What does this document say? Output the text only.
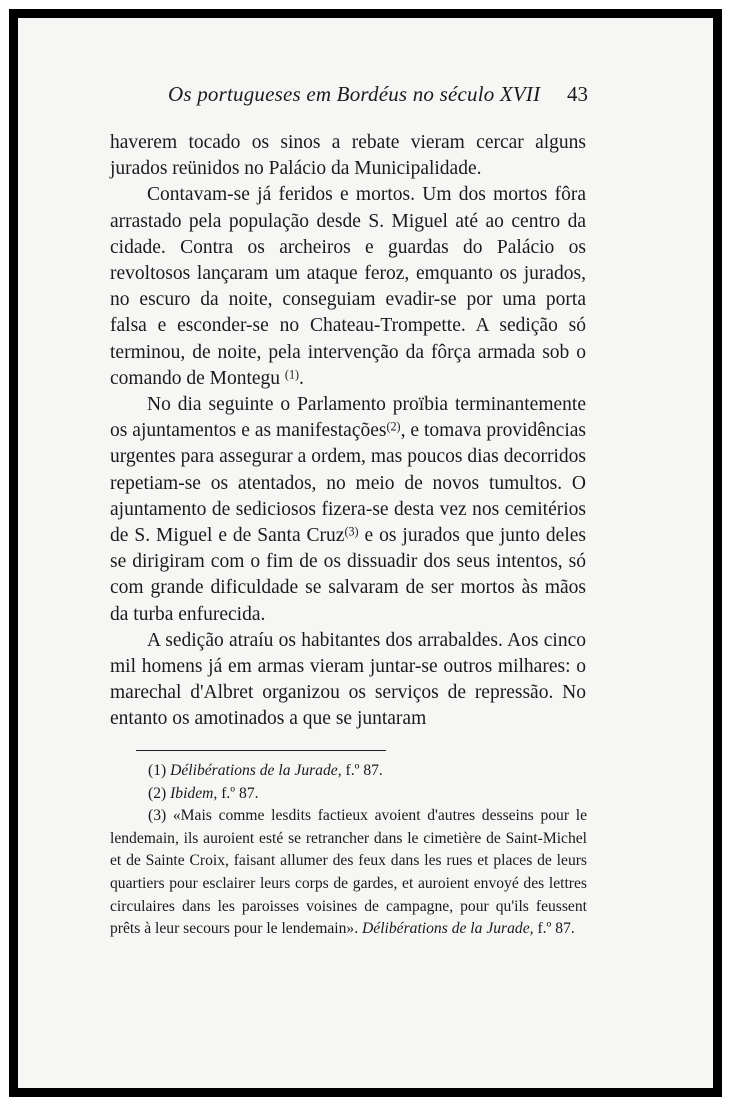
Os portugueses em Bordéus no século XVII 43

haverem tocado os sinos a rebate vieram cercar alguns jurados reünidos no Palácio da Municipalidade.

Contavam-se já feridos e mortos. Um dos mortos fôra arrastado pela população desde S. Miguel até ao centro da cidade. Contra os archeiros e guardas do Palácio os revoltosos lançaram um ataque feroz, emquanto os jurados, no escuro da noite, conseguiam evadir-se por uma porta falsa e esconder-se no Chateau-Trompette. A sedição só terminou, de noite, pela intervenção da fôrça armada sob o comando de Montegu $^{(1)}$.

No dia seguinte o Parlamento proïbia terminantemente os ajuntamentos e as manifestações$^{(2)}$, e tomava providências urgentes para assegurar a ordem, mas poucos dias decorridos repetiam-se os atentados, no meio de novos tumultos. O ajuntamento de sediciosos fizera-se desta vez nos cemitérios de S. Miguel e de Santa Cruz$^{(3)}$ e os jurados que junto deles se dirigiram com o fim de os dissuadir dos seus intentos, só com grande dificuldade se salvaram de ser mortos às mãos da turba enfurecida.

A sedição atraíu os habitantes dos arrabaldes. Aos cinco mil homens já em armas vieram juntar-se outros milhares: o marechal d'Albret organizou os serviços de repressão. No entanto os amotinados a que se juntaram

(1) Délibérations de la Jurade, f.º 87.

(2) Ibidem, f.º 87.

(3) «Mais comme lesdits factieux avoient d'autres desseins pour le lendemain, ils auroient esté se retrancher dans le cimetière de Saint-Michel et de Sainte Croix, faisant allumer des feux dans les rues et places de leurs quartiers pour esclairer leurs corps de gardes, et auroient envoyé des lettres circulaires dans les paroisses voisines de campagne, pour qu'ils feussent prêts à leur secours pour le lendemain». Délibérations de la Jurade, f.º 87.
